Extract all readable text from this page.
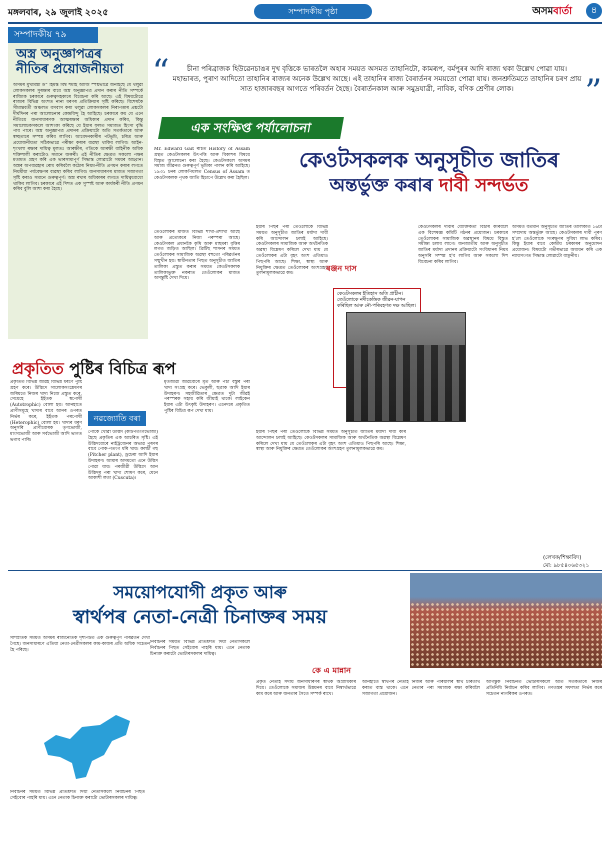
মঙ্গলবাৰ, ২৯ জুলাই ২০২৫	সম্পাদকীয় পৃষ্ঠা	অসমবাৰ্তা	৪
সম্পাদকীয় ৭৯
অস্ত্ৰ অনুজ্ঞাপত্ৰৰ
নীতিৰ প্ৰয়োজনীয়তা
অসমৰ মুখ্যমন্ত্ৰী ড° হিমন্ত বিশ্ব শৰ্মাই আজি স্পষ্টভাৱে জনাইছে যে থলুৱা লোকসকলৰ সুৰক্ষাৰ বাবে অস্ত্ৰ অনুজ্ঞাপত্ৰ প্ৰদান কৰাৰ নীতি সম্পৰ্কে ৰাজ্যিক চৰকাৰে গুৰুত্বসহকাৰে বিবেচনা কৰি আছে। এই বিষয়টোৱে ৰাজ্যৰ বিভিন্ন অংশত নানা ধৰণৰ প্ৰতিক্ৰিয়াৰ সৃষ্টি কৰিছে। বিশেষকৈ সীমান্তবৰ্তী অঞ্চলত বসবাস কৰা থলুৱা লোকসকলৰ নিৰাপত্তাৰ প্ৰশ্নটো দীৰ্ঘদিনৰ পৰা আলোচনাৰ কেন্দ্ৰবিন্দু হৈ আহিছে। চৰকাৰে কয় যে এনে নীতিয়ে জনসাধাৰণক আত্মৰক্ষাৰ অধিকাৰ প্ৰদান কৰিব, কিন্তু সমালোচকসকলে আশংকা কৰিছে যে ইয়াৰ ফলত সমাজত হিংসা বৃদ্ধি পাব পাৰে। অস্ত্ৰ অনুজ্ঞাপত্ৰ প্ৰদানৰ প্ৰক্ৰিয়াটো অতি সতৰ্কতাৰে আৰু স্বচ্ছতাৰে সম্পন্ন কৰিব লাগিব। আবেদনকাৰীৰ পটভূমি, চৰিত্ৰ আৰু প্ৰয়োজনীয়তা সঠিকভাৱে পৰীক্ষা কৰাৰ ব্যৱস্থা থাকিব লাগিব। আইন-শৃংখলা ৰক্ষাৰ দায়িত্ব মূলতঃ আৰক্ষীৰ, গতিকে আৰক্ষী বাহিনীক অধিক শক্তিশালী কৰাটোও সমানে জৰুৰী। এই নীতিৰ ক্ষেত্ৰত সকলো পক্ষৰ মতামত গ্ৰহণ কৰি এক ভাৰসাম্যপূৰ্ণ সিদ্ধান্ত লোৱাটো সময়ৰ আহ্বান। অস্ত্ৰৰ অপব্যৱহাৰ ৰোধ কৰিবলৈ কঠোৰ নিয়ম-নীতি প্ৰণয়ন কৰাৰ লগতে নিয়মীয়া পৰ্যবেক্ষণৰ ব্যৱস্থা কৰিব লাগিব। জনসাধাৰণৰ মাজত সজাগতা সৃষ্টি কৰাও সমানে গুৰুত্বপূৰ্ণ। অস্ত্ৰ ৰখাৰ অধিকাৰৰ লগতে দায়িত্ববোধো থাকিব লাগিব। চৰকাৰে এই দিশত এক সুস্পষ্ট আৰু কাৰ্যকৰী নীতি প্ৰণয়ন কৰিব বুলি আশা কৰা হৈছে।
“	চীনা পৰিব্ৰাজক হিউৱেনচাঙৰ দুখ বৃত্তিকে ভাৰতলৈ অহাৰ সময়ত অসমত তাহানিটো, কামৰূপ, বৰ্মপুৰৰ আদি ৰাজ্য থকা উল্লেখ পোৱা যায়। মহাভাৰত, পুৰাণ আদিতো তাহানিৰ ৰাজ্যৰ অনেক উল্লেখ আছে। এই তাহানিৰ ৰাজ্য বৈৰাৰ্তনৰ সময়তো পোৱা যায়। জনশ্ৰুতিমতে তাহানিৰ চৰণ প্ৰায় সাত হাজাৰবছৰ আগতে পৰিবৰ্তন হৈছে। বৈৰাৰ্তনকাল আৰু সমুদ্ৰযাত্ৰী, নাবিক, বণিক শ্ৰেণীৰ লোক।	”
এক সংক্ষিপ্ত পৰ্যালোচনা
কেওটসকলক অনুসূচীত জাতিৰ
অন্তৰ্ভুক্ত কৰাৰ দাবী সন্দৰ্ভত
Mr. Edward Gait ৰচিত History of Assam গ্ৰন্থত কেওটসকলৰ উৎপত্তি আৰু বিকাশৰ বিষয়ে বিস্তৃত আলোচনা কৰা হৈছে। কেওটসকলে অসমৰ সমাজ জীৱনত গুৰুত্বপূৰ্ণ ভূমিকা পালন কৰি আহিছে। ১৯৩১ চনৰ লোকপিয়লত Census of Assam ত কেওটসকলক পৃথক জাতি হিচাপে উল্লেখ কৰা হৈছিল।
তেওঁলোকৰ মাজত বিভিন্ন শাখা-প্ৰশাখা আছে আৰু প্ৰত্যেকৰে নিজা পৰম্পৰা আছে। কেওটসকল প্ৰধানকৈ কৃষি আৰু মাছমৰা বৃত্তিৰ লগত জড়িত আছিল। ব্ৰিটিছ শাসনৰ সময়ত তেওঁলোকৰ সামাজিক অৱস্থা বহুতো পৰিৱৰ্তনৰ সন্মুখীন হয়। স্বাধীনতাৰ পিছত অনুসূচীত জাতিৰ তালিকা প্ৰস্তুত কৰাৰ সময়ত কেওটসকলক তালিকাভুক্ত নকৰাত তেওঁলোকৰ মাজত অসন্তুষ্টি দেখা দিয়ে।
ইয়াৰ পিছৰ পৰা তেওঁলোকে বিভিন্ন সময়ত অনুসূচীত জাতিৰ মৰ্যাদা দাবী কৰি আন্দোলন চলাই আহিছে। কেওটসকলৰ সামাজিক আৰু অৰ্থনৈতিক অৱস্থা বিশ্লেষণ কৰিলে দেখা যায় যে তেওঁলোকৰ এটা বৃহৎ অংশ এতিয়াও পিছপৰি আছে। শিক্ষা, স্বাস্থ্য আৰু নিযুক্তিৰ ক্ষেত্ৰত তেওঁলোকৰ অংশগ্ৰহণ তুলনামূলকভাৱে কম।
ৰঞ্জন দাস
কেওটসকলৰ ইতিহাস অতি প্ৰাচীন। তেওঁলোকে নদীকেন্দ্ৰিক জীৱন-যাপন কৰিছিল আৰু নৌ-পৰিবহণত দক্ষ আছিল।
কেওটসকলৰ দাবীৰ যৌক্তিকতা বিচাৰ কৰিবলৈ এক বিশেষজ্ঞ কমিটি গঠনৰ প্ৰয়োজন। চৰকাৰে তেওঁলোকৰ সামাজিক অৱস্থানৰ বিষয়ে বিস্তৃত সমীক্ষা চলাব লাগে। জনজাতীয় আৰু অনুসূচীত জাতিৰ মৰ্যাদা প্ৰদানৰ প্ৰক্ৰিয়াটো সংবিধানৰ নিয়ম অনুসৰি সম্পন্ন হ'ব লাগিব আৰু সকলো দিশ বিবেচনা কৰিব লাগিব।
অসমত বৰ্তমান অনুসূচীত জাতিৰ তালিকাত ১৬টা সম্প্ৰদায় অন্তৰ্ভুক্ত আছে। কেওটসকলৰ দাবী পূৰণ হ'লে তেওঁলোকে সংৰক্ষণৰ সুবিধা লাভ কৰিব। কিন্তু ইয়াৰ বাবে কেন্দ্ৰীয় চৰকাৰৰ অনুমোদন প্ৰয়োজন। বিষয়টো গভীৰভাৱে অধ্যয়ন কৰি এক ন্যায়সংগত সিদ্ধান্ত লোৱাটো বাঞ্ছনীয়।
ইয়াৰ পিছৰ পৰা তেওঁলোকে বিভিন্ন সময়ত অনুসূচীত জাতিৰ মৰ্যাদা দাবী কৰি আন্দোলন চলাই আহিছে। কেওটসকলৰ সামাজিক আৰু অৰ্থনৈতিক অৱস্থা বিশ্লেষণ কৰিলে দেখা যায় যে তেওঁলোকৰ এটা বৃহৎ অংশ এতিয়াও পিছপৰি আছে। শিক্ষা, স্বাস্থ্য আৰু নিযুক্তিৰ ক্ষেত্ৰত তেওঁলোকৰ অংশগ্ৰহণ তুলনামূলকভাৱে কম।
(লেখক/শিক্ষাবিদ)
মো: ৯৮৫৪০৬৫৩২১
প্ৰকৃতিত পুষ্টিৰ বিচিত্ৰ ৰূপ
নৱজ্যোতি বৰা
প্ৰকৃতিত বিভিন্ন জীৱই বিভিন্ন ধৰণে পুষ্টি গ্ৰহণ কৰে। উদ্ভিদে সালোকসংশ্লেষণৰ জৰিয়তে নিজৰ খাদ্য নিজে প্ৰস্তুত কৰে, সেয়েহে ইহঁতক স্বপোষী (Autotrophic) বোলা হয়। আনহাতে প্ৰাণীসমূহে খাদ্যৰ বাবে আনৰ ওপৰত নিৰ্ভৰ কৰে, ইহঁতক পৰপোষী (Heterophic) বোলা হয়। খাদ্যৰ ধৰণ অনুসৰি প্ৰাণীবোৰক তৃণভোজী, মাংসভোজী আৰু সৰ্বভোজী আদি ভাগত ভগাব পাৰি।
পোকে খোৱা উদ্ভিদ (কীটপতংগভোজী) হৈছে প্ৰকৃতিৰ এক আচৰিত সৃষ্টি। এই উদ্ভিদবোৰে নাইট্ৰজেনৰ অভাৱ পূৰণৰ বাবে পোক-পতংগ ধৰি খায়। কলচী গছ (Pitcher plant), ড্ৰচেৰা আদি ইয়াৰ উদাহৰণ। আমাৰ অসমতো এনে উদ্ভিদ পোৱা যায়। পৰজীৱী উদ্ভিদে আন উদ্ভিদৰ পৰা খাদ্য শোষণ কৰে, যেনে আকাশী লতা (Cuscuta)।
মৃতজীৱী জীৱবোৰে মৃত আৰু পচা বস্তুৰ পৰা খাদ্য সংগ্ৰহ কৰে। ভেকুলী, ছত্ৰাক আদি ইয়াৰ উদাহৰণ। সহজীৱিতাৰ ক্ষেত্ৰত দুটা জীৱই পৰস্পৰক সহায় কৰি জীয়াই থাকে। লাইকেন ইয়াৰ এটা উৎকৃষ্ট উদাহৰণ। এনেদৰে প্ৰকৃতিত পুষ্টিৰ বিচিত্ৰ ৰূপ দেখা যায়।
সময়োপযোগী প্ৰকৃত আৰু
স্বাৰ্থপৰ নেতা-নেত্ৰী চিনাক্তৰ সময়
কে এ মান্নান
সাম্প্ৰতিক সময়ত অসমৰ ৰাজনৈতিক দৃশ্যপটত এক গুৰুত্বপূৰ্ণ পৰিৱৰ্তন দেখা গৈছে। জনসাধাৰণে এতিয়া নেতা-নেত্ৰীসকলৰ কাম-কাজৰ প্ৰতি অধিক সচেতন হৈ পৰিছে।
নিৰ্বাচনৰ সময়ত বিভিন্ন প্ৰতিশ্ৰুতি দিয়া নেতাসকলে নিৰ্বাচনৰ পিছত সেইবোৰ পাহৰি যায়। এনে নেতাক চিনাক্ত কৰাটো ভোটাৰসকলৰ দায়িত্ব।
প্ৰকৃত নেতাই সদায় জনসাধাৰণৰ স্বাৰ্থক অগ্ৰাধিকাৰ দিয়ে। তেওঁলোকে সমাজৰ উন্নয়নৰ বাবে নিস্বাৰ্থভাৱে কাম কৰে আৰু জনতাৰ সৈতে সম্পৰ্ক ৰাখে।
আনহাতে স্বাৰ্থপৰ নেতাই নিজৰ আৰু পৰিয়ালৰ স্বাৰ্থ চৰিতাৰ্থ কৰাত ব্যস্ত থাকে। এনে নেতাৰ পৰা সমাজক ৰক্ষা কৰিবলৈ সজাগতা প্ৰয়োজন।
আগন্তুক নিৰ্বাচনত ভোটাৰসকলে অতি সতৰ্কতাৰে নিজৰ প্ৰতিনিধি নিৰ্বাচন কৰিব লাগিব। গণতন্ত্ৰৰ সফলতা নিৰ্ভৰ কৰে সচেতন নাগৰিকৰ ওপৰত।
নিৰ্বাচনৰ সময়ত বিভিন্ন প্ৰতিশ্ৰুতি দিয়া নেতাসকলে নিৰ্বাচনৰ পিছত সেইবোৰ পাহৰি যায়। এনে নেতাক চিনাক্ত কৰাটো ভোটাৰসকলৰ দায়িত্ব।
